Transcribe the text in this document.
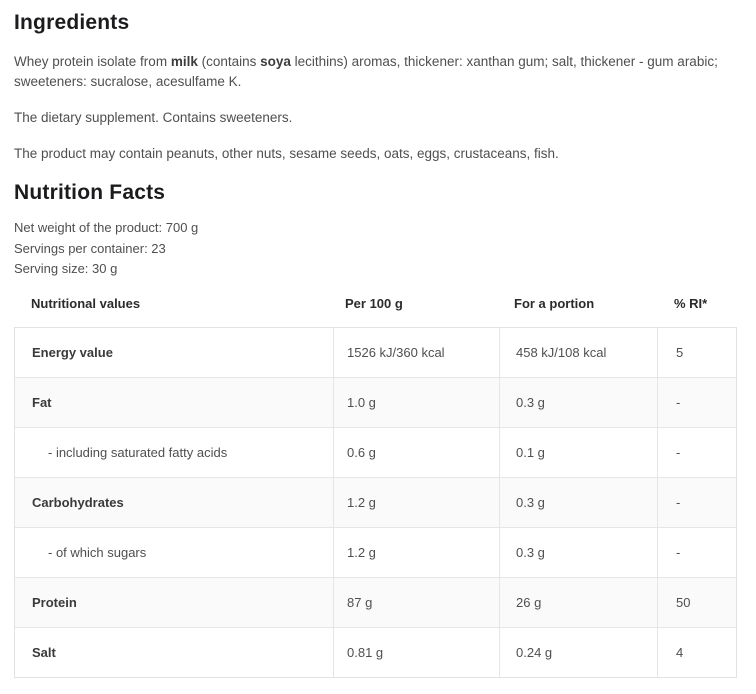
Ingredients

Whey protein isolate from milk (contains soya lecithins) aromas, thickener: xanthan gum; salt, thickener - gum arabic; sweeteners: sucralose, acesulfame K.

The dietary supplement. Contains sweeteners.

The product may contain peanuts, other nuts, sesame seeds, oats, eggs, crustaceans, fish.

Nutrition Facts
Net weight of the product: 700 g
Servings per container: 23
Serving size: 30 g
Nutritional values	Per 100 g	For a portion	% RI*
Energy value	1526 kJ/360 kcal	458 kJ/108 kcal	5
Fat	1.0 g	0.3 g	-
- including saturated fatty acids	0.6 g	0.1 g	-
Carbohydrates	1.2 g	0.3 g	-
- of which sugars	1.2 g	0.3 g	-
Protein	87 g	26 g	50
Salt	0.81 g	0.24 g	4
